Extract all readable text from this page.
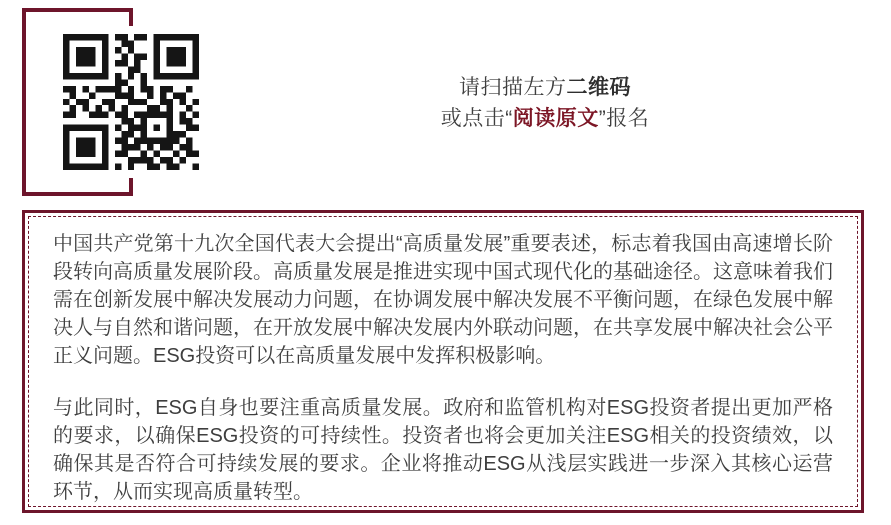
请扫描左方二维码
或点击“阅读原文”报名

中国共产党第十九次全国代表大会提出“高质量发展”重要表述，标志着我国由高速增长阶段转向高质量发展阶段。高质量发展是推进实现中国式现代化的基础途径。这意味着我们需在创新发展中解决发展动力问题，在协调发展中解决发展不平衡问题，在绿色发展中解决人与自然和谐问题，在开放发展中解决发展内外联动问题，在共享发展中解决社会公平正义问题。ESG投资可以在高质量发展中发挥积极影响。

与此同时，ESG自身也要注重高质量发展。政府和监管机构对ESG投资者提出更加严格的要求，以确保ESG投资的可持续性。投资者也将会更加关注ESG相关的投资绩效，以确保其是否符合可持续发展的要求。企业将推动ESG从浅层实践进一步深入其核心运营环节，从而实现高质量转型。
